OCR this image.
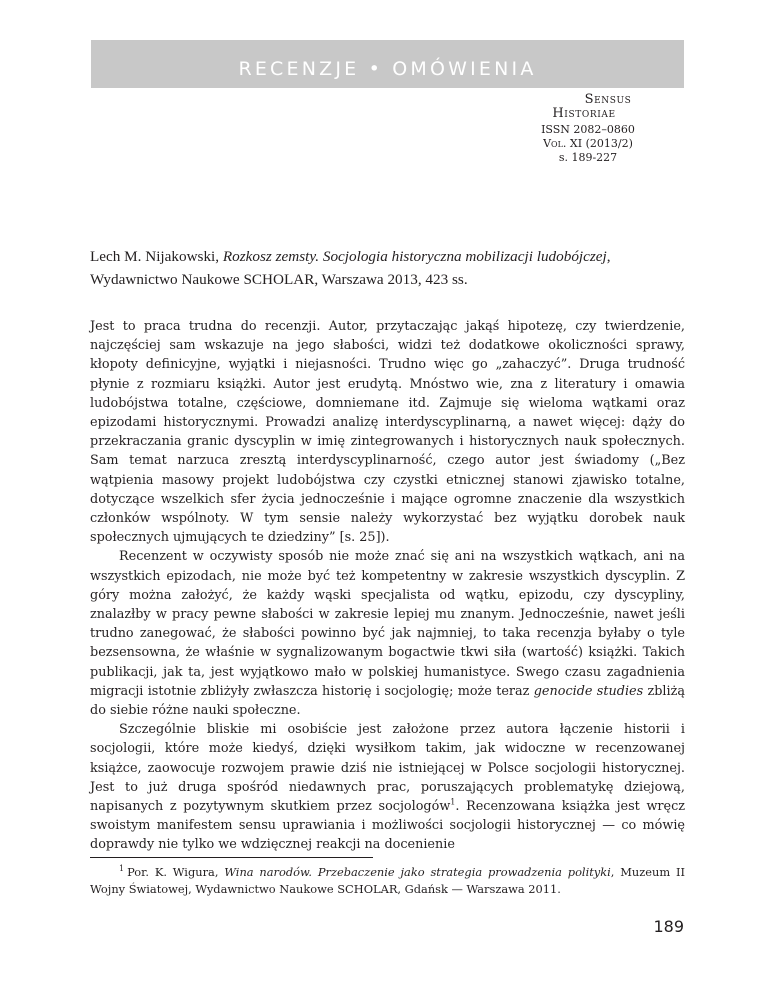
RECENZJE • OMÓWIENIA
Sensus
Historiae
ISSN 2082–0860
Vol. XI (2013/2)
s. 189-227
Lech M. Nijakowski, Rozkosz zemsty. Socjologia historyczna mobilizacji ludobójczej, Wydawnictwo Naukowe SCHOLAR, Warszawa 2013, 423 ss.

Jest to praca trudna do recenzji. Autor, przytaczając jakąś hipotezę, czy twierdzenie, najczęściej sam wskazuje na jego słabości, widzi też dodatkowe okoliczności sprawy, kłopoty definicyjne, wyjątki i niejasności. Trudno więc go „zahaczyć”. Druga trudność płynie z rozmiaru książki. Autor jest erudytą. Mnóstwo wie, zna z literatury i omawia ludobójstwa totalne, częściowe, domniemane itd. Zajmuje się wieloma wątkami oraz epizodami historycznymi. Prowadzi analizę interdyscyplinarną, a nawet więcej: dąży do przekraczania granic dyscyplin w imię zintegrowanych i historycznych nauk społecznych. Sam temat narzuca zresztą interdyscyplinarność, czego autor jest świadomy („Bez wątpienia masowy projekt ludobójstwa czy czystki etnicznej stanowi zjawisko totalne, dotyczące wszelkich sfer życia jednocześnie i mające ogromne znaczenie dla wszystkich członków wspólnoty. W tym sensie należy wykorzystać bez wyjątku dorobek nauk społecznych ujmujących te dziedziny” [s. 25]).

Recenzent w oczywisty sposób nie może znać się ani na wszystkich wątkach, ani na wszystkich epizodach, nie może być też kompetentny w zakresie wszystkich dyscyplin. Z góry można założyć, że każdy wąski specjalista od wątku, epizodu, czy dyscypliny, znalazłby w pracy pewne słabości w zakresie lepiej mu znanym. Jednocześnie, nawet jeśli trudno zanegować, że słabości powinno być jak najmniej, to taka recenzja byłaby o tyle bezsensowna, że właśnie w sygnalizowanym bogactwie tkwi siła (wartość) książki. Takich publikacji, jak ta, jest wyjątkowo mało w polskiej humanistyce. Swego czasu zagadnienia migracji istotnie zbliżyły zwłaszcza historię i socjologię; może teraz genocide studies zbliżą do siebie różne nauki społeczne.

Szczególnie bliskie mi osobiście jest założone przez autora łączenie historii i socjologii, które może kiedyś, dzięki wysiłkom takim, jak widoczne w recenzowanej książce, zaowocuje rozwojem prawie dziś nie istniejącej w Polsce socjologii historycznej. Jest to już druga spośród niedawnych prac, poruszających problematykę dziejową, napisanych z pozytywnym skutkiem przez socjologów$^1$. Recenzowana książka jest wręcz swoistym manifestem sensu uprawiania i możliwości socjologii historycznej — co mówię doprawdy nie tylko we wdzięcznej reakcji na docenienie

$^1$ Por. K. Wigura, Wina narodów. Przebaczenie jako strategia prowadzenia polityki, Muzeum II Wojny Światowej, Wydawnictwo Naukowe SCHOLAR, Gdańsk — Warszawa 2011.
189
